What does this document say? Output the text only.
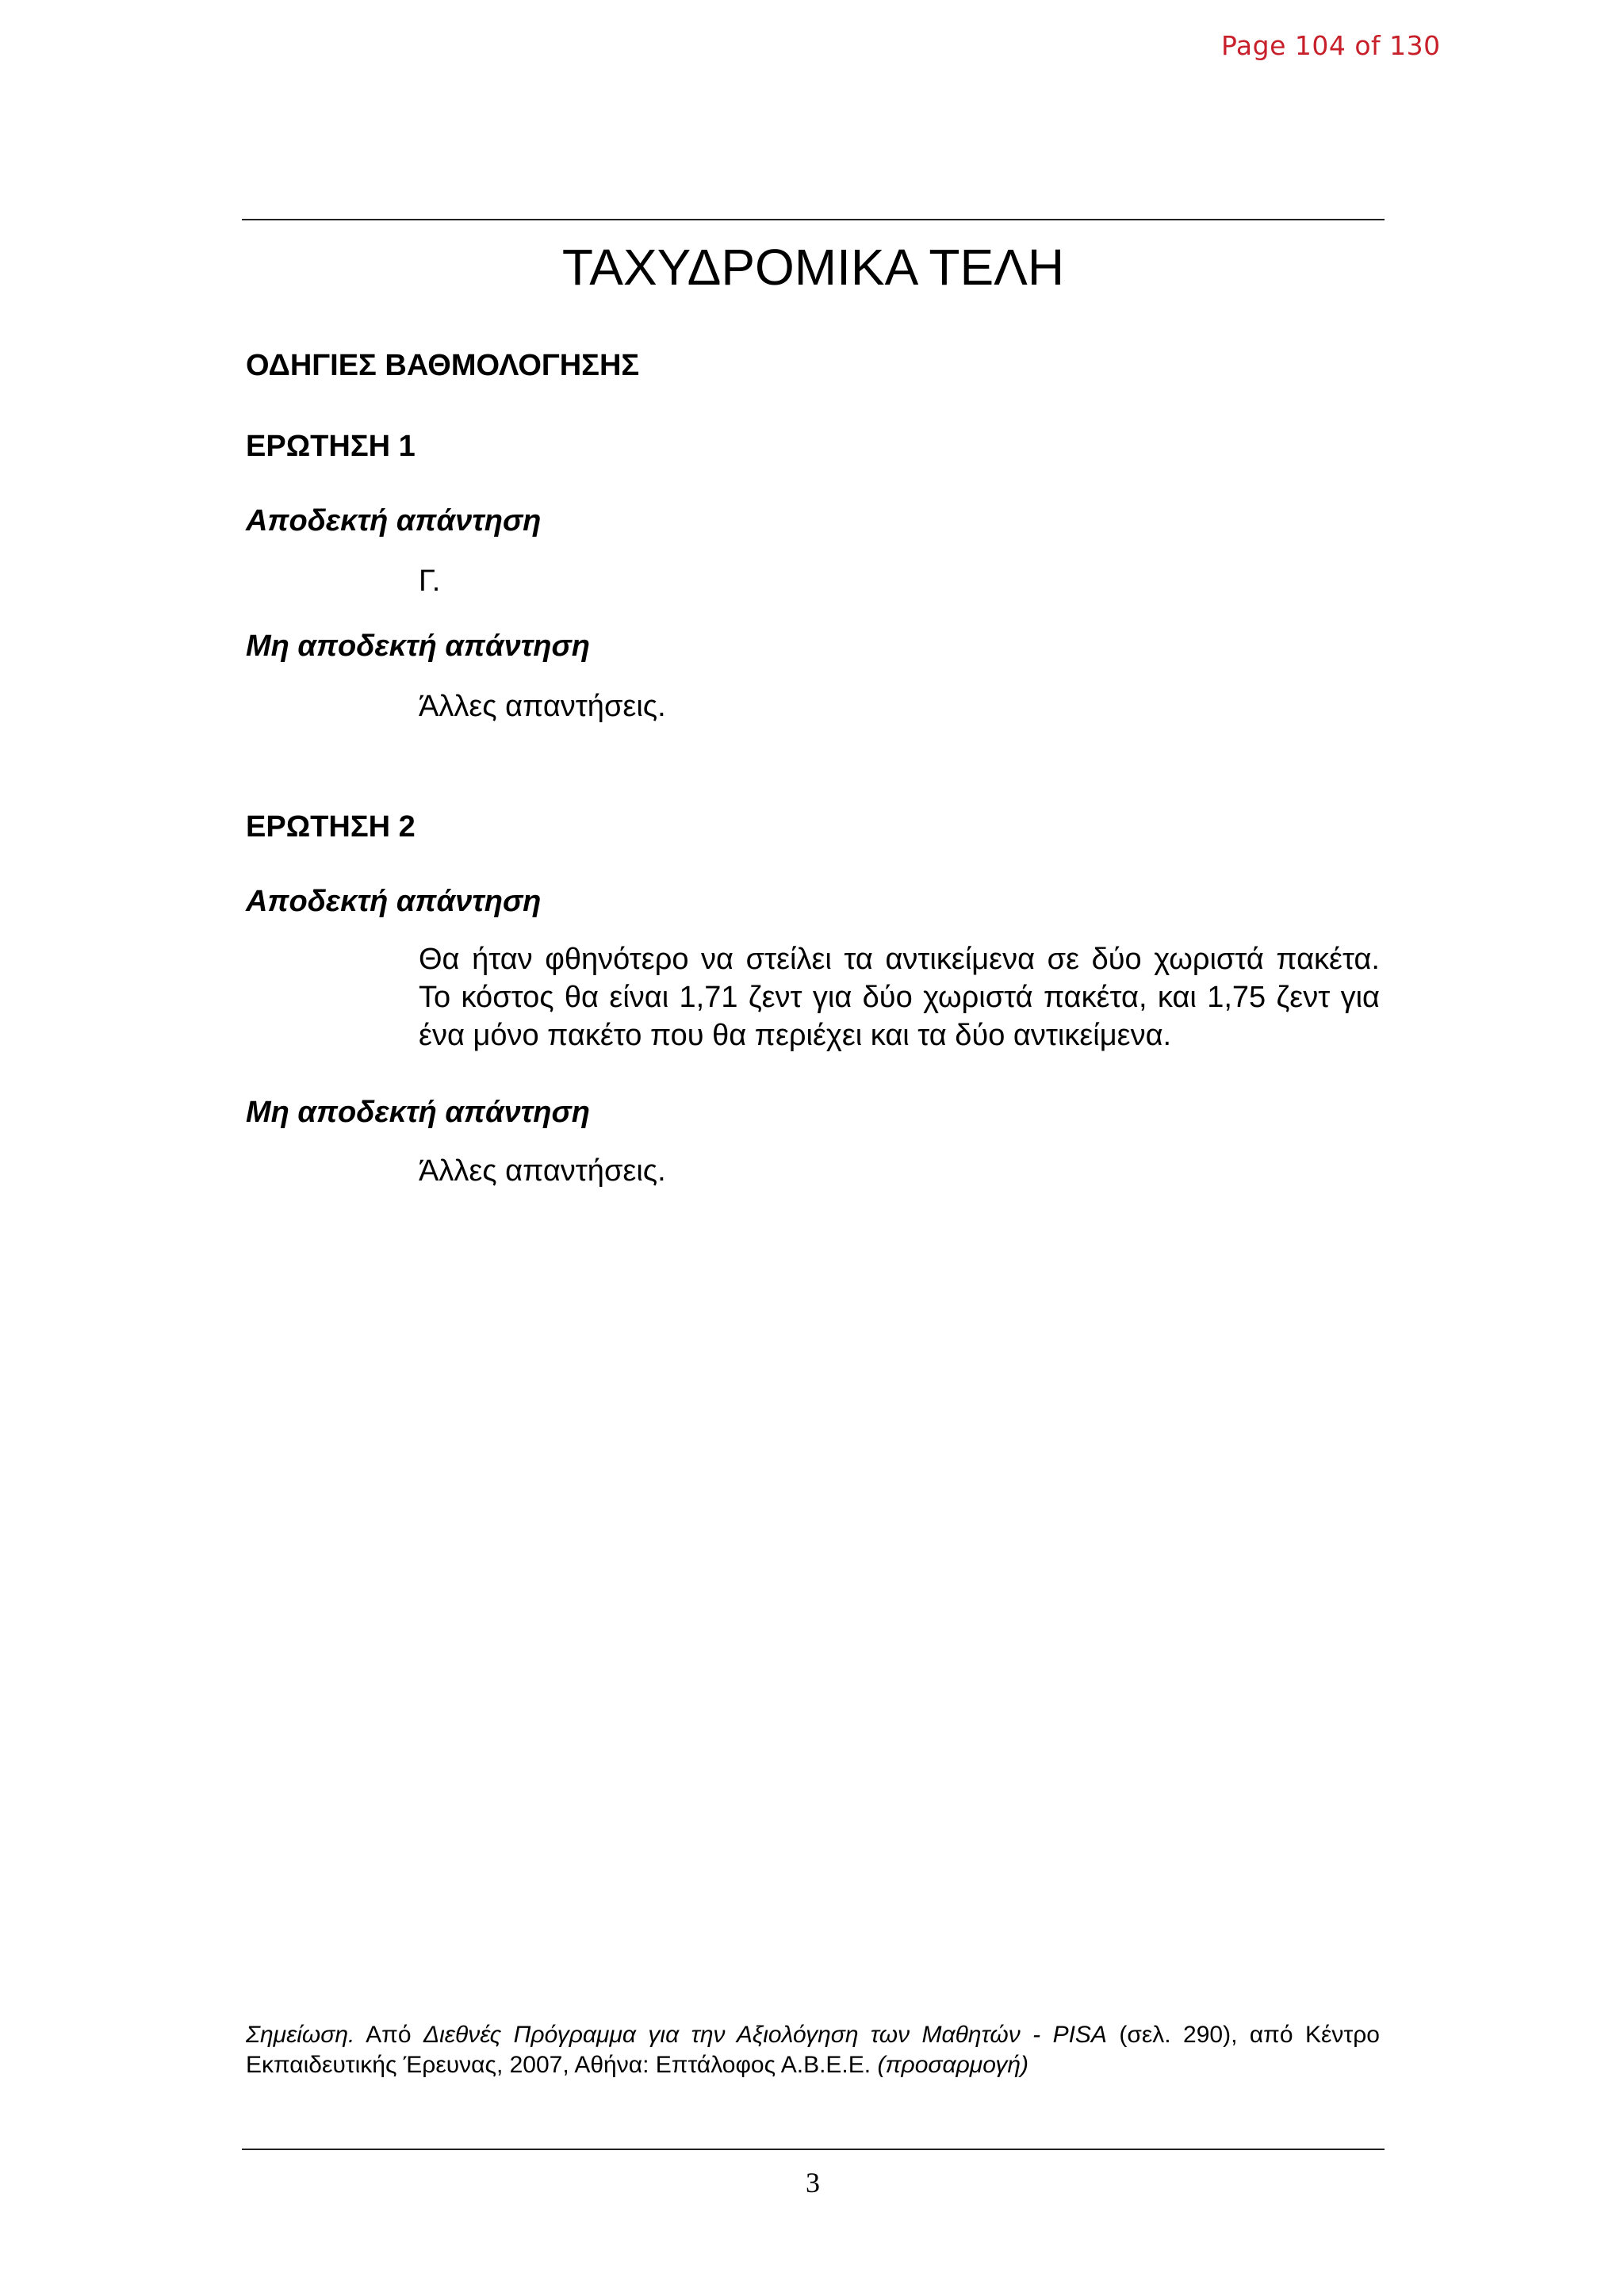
Page 104 of 130
ΤΑΧΥΔΡΟΜΙΚΑ ΤΕΛΗ
ΟΔΗΓΙΕΣ ΒΑΘΜΟΛΟΓΗΣΗΣ
ΕΡΩΤΗΣΗ 1
Αποδεκτή απάντηση
Γ.
Μη αποδεκτή απάντηση
Άλλες απαντήσεις.
ΕΡΩΤΗΣΗ 2
Αποδεκτή απάντηση
Θα ήταν φθηνότερο να στείλει τα αντικείμενα σε δύο χωριστά πακέτα.
Το κόστος θα είναι 1,71 ζεντ για δύο χωριστά πακέτα, και 1,75 ζεντ για
ένα μόνο πακέτο που θα περιέχει και τα δύο αντικείμενα.
Μη αποδεκτή απάντηση
Άλλες απαντήσεις.
Σημείωση. Από Διεθνές Πρόγραμμα για την Αξιολόγηση των Μαθητών - PISA (σελ. 290), από Κέντρο
Εκπαιδευτικής Έρευνας, 2007, Αθήνα: Επτάλοφος Α.Β.Ε.Ε. (προσαρμογή)
3
